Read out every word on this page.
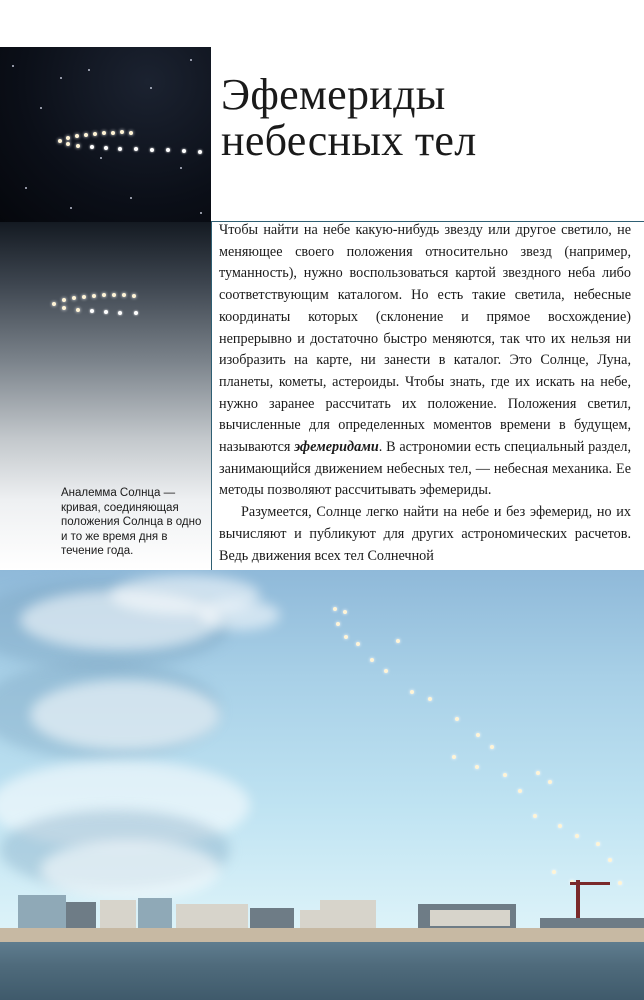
Эфемериды
небесных тел

Чтобы найти на небе какую-нибудь звезду или другое светило, не меняющее своего положения относительно звезд (например, туманность), нужно воспользоваться картой звездного неба либо соответствующим каталогом. Но есть такие светила, небесные координаты которых (склонение и прямое восхождение) непрерывно и достаточно быстро меняются, так что их нельзя ни изобразить на карте, ни занести в каталог. Это Солнце, Луна, планеты, кометы, астероиды. Чтобы знать, где их искать на небе, нужно заранее рассчитать их положение. Положения светил, вычисленные для определенных моментов времени в будущем, называются эфемеридами. В астрономии есть специальный раздел, занимающийся движением небесных тел, — небесная механика. Ее методы позволяют рассчитывать эфемериды.

Разумеется, Солнце легко найти на небе и без эфемерид, но их вычисляют и публикуют для других астрономических расчетов. Ведь движения всех тел Солнечной

Аналемма Солнца — кривая, соединяющая положения Солнца в одно и то же время дня в течение года.
